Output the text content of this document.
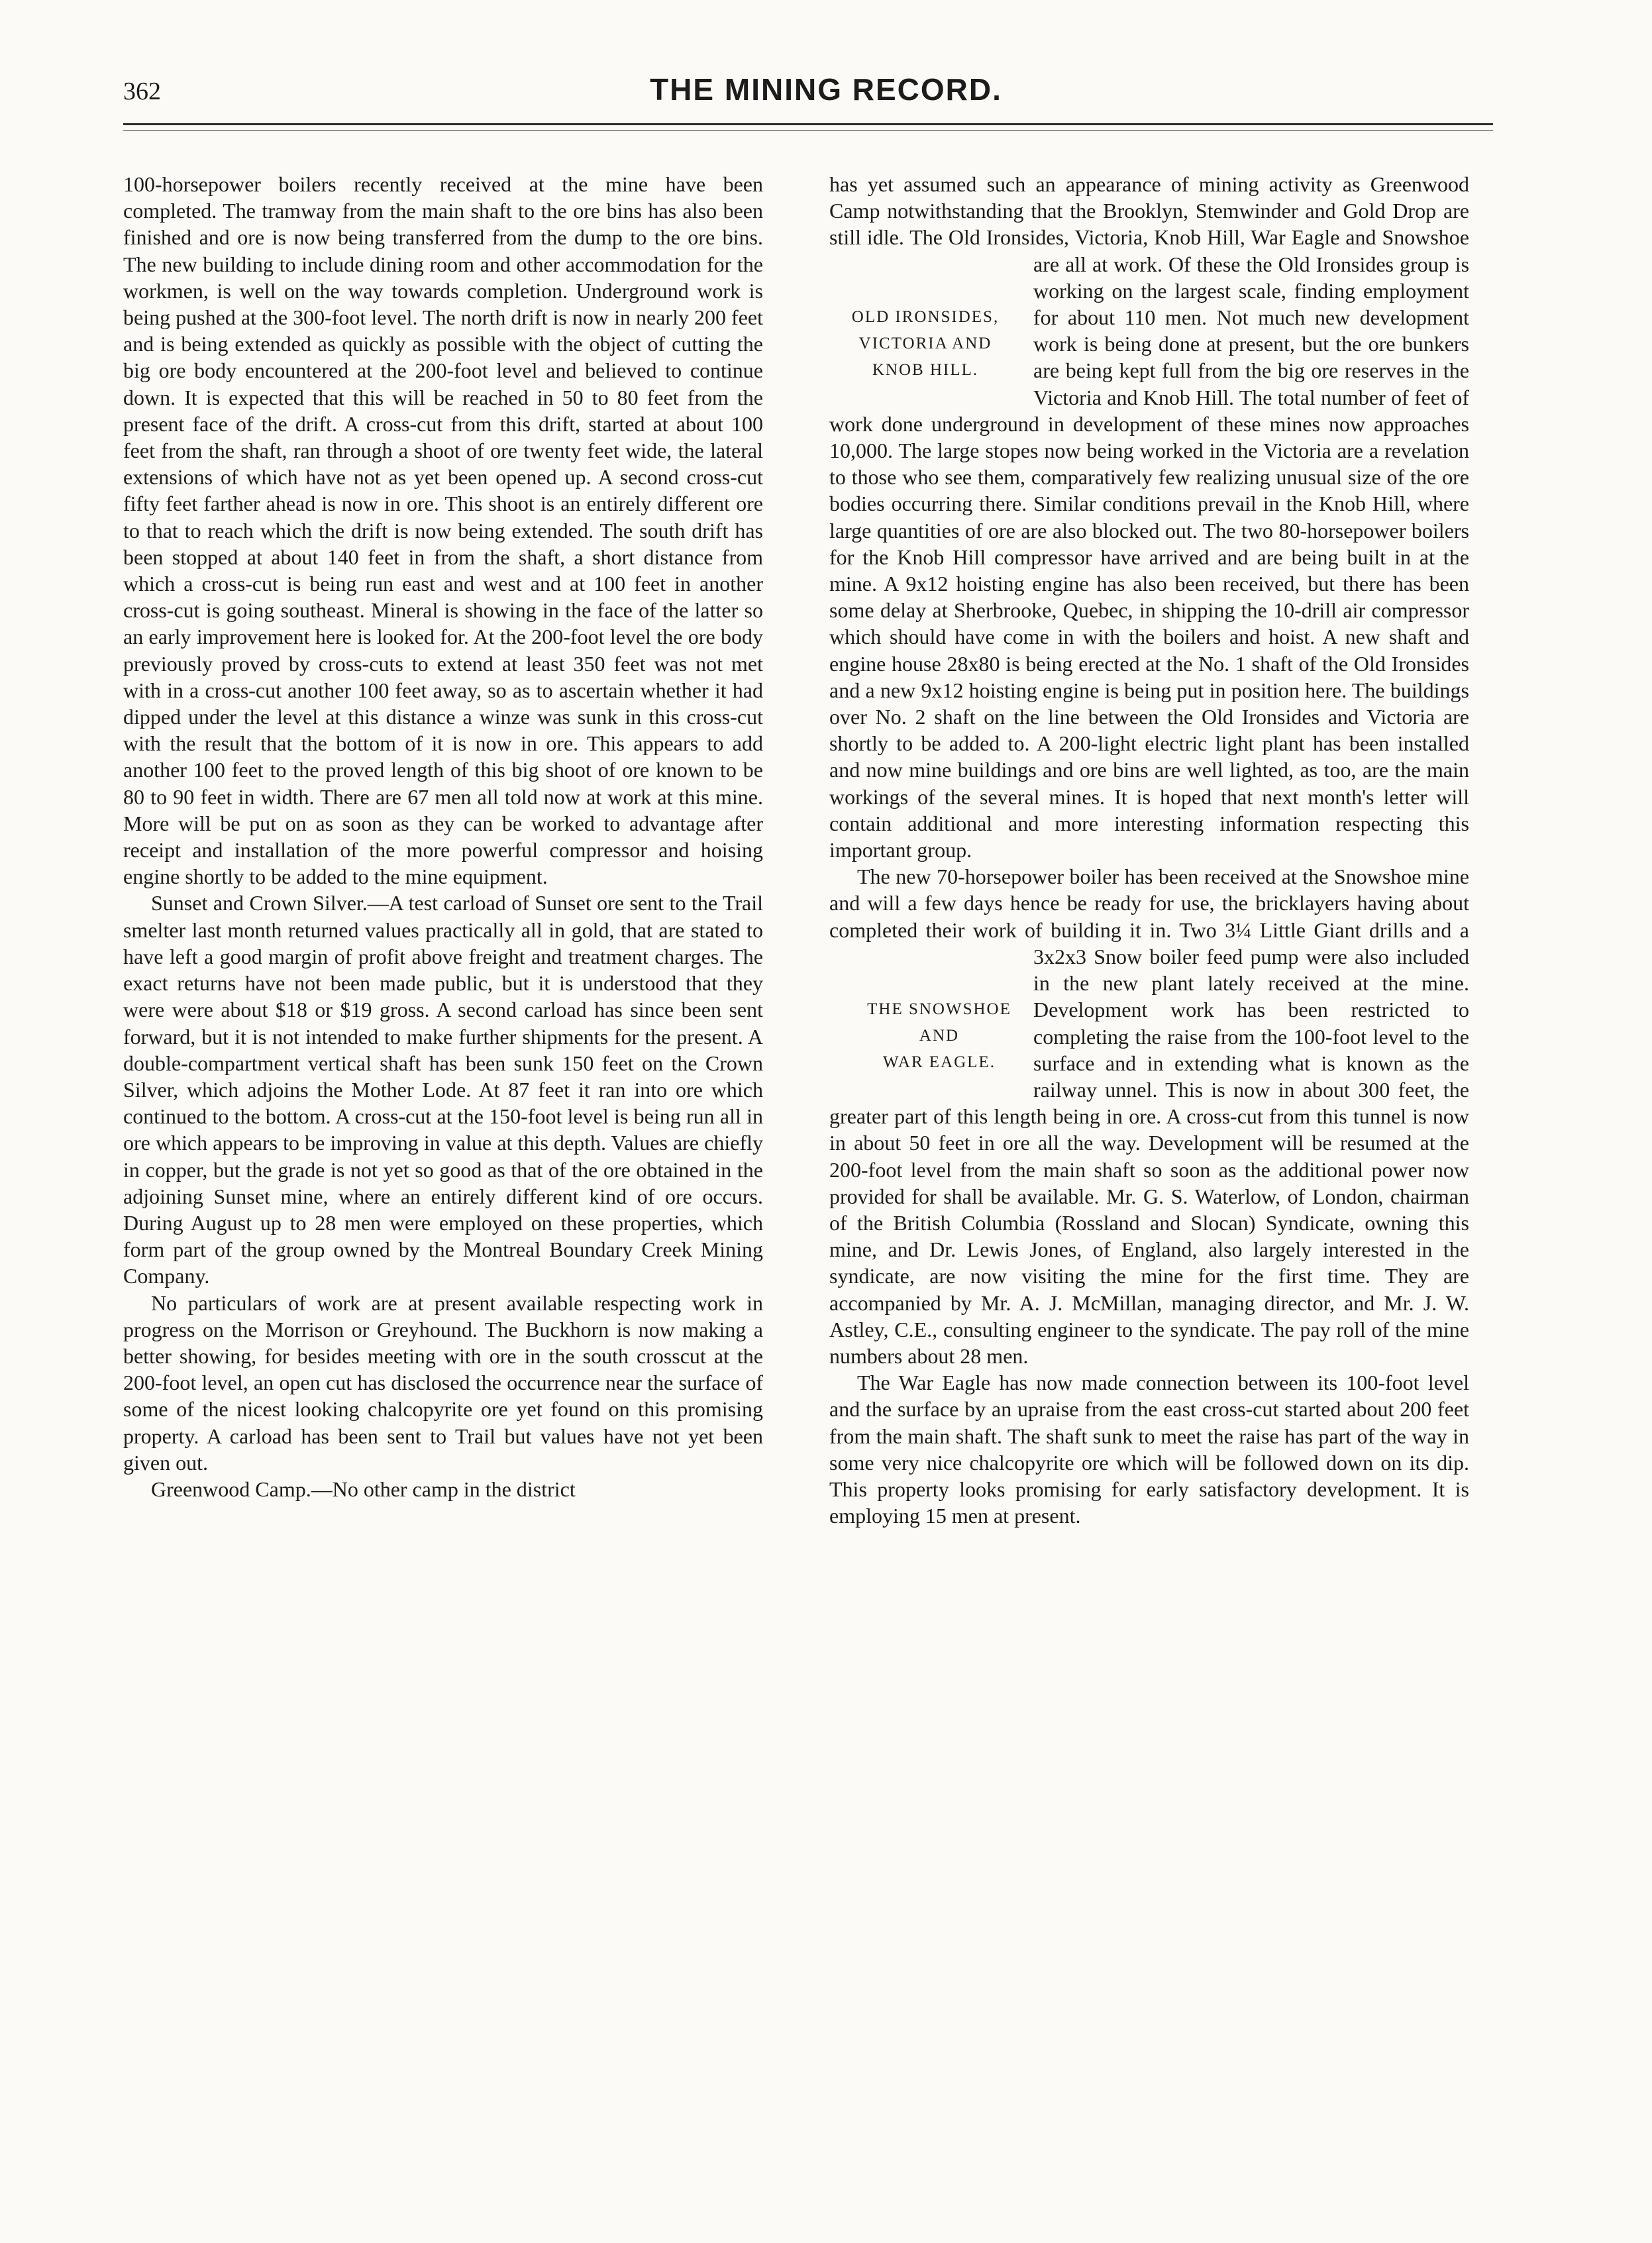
362	THE MINING RECORD.

100-horsepower boilers recently received at the mine have been completed. The tramway from the main shaft to the ore bins has also been finished and ore is now being transferred from the dump to the ore bins. The new building to include dining room and other accommodation for the workmen, is well on the way towards completion. Underground work is being pushed at the 300-foot level. The north drift is now in nearly 200 feet and is being extended as quickly as possible with the object of cutting the big ore body encountered at the 200-foot level and believed to continue down. It is expected that this will be reached in 50 to 80 feet from the present face of the drift. A cross-cut from this drift, started at about 100 feet from the shaft, ran through a shoot of ore twenty feet wide, the lateral extensions of which have not as yet been opened up. A second cross-cut fifty feet farther ahead is now in ore. This shoot is an entirely different ore to that to reach which the drift is now being extended. The south drift has been stopped at about 140 feet in from the shaft, a short distance from which a cross-cut is being run east and west and at 100 feet in another cross-cut is going southeast. Mineral is showing in the face of the latter so an early improvement here is looked for. At the 200-foot level the ore body previously proved by cross-cuts to extend at least 350 feet was not met with in a cross-cut another 100 feet away, so as to ascertain whether it had dipped under the level at this distance a winze was sunk in this cross-cut with the result that the bottom of it is now in ore. This appears to add another 100 feet to the proved length of this big shoot of ore known to be 80 to 90 feet in width. There are 67 men all told now at work at this mine. More will be put on as soon as they can be worked to advantage after receipt and installation of the more powerful compressor and hoising engine shortly to be added to the mine equipment.

Sunset and Crown Silver.—A test carload of Sunset ore sent to the Trail smelter last month returned values practically all in gold, that are stated to have left a good margin of profit above freight and treatment charges. The exact returns have not been made public, but it is understood that they were were about $18 or $19 gross. A second carload has since been sent forward, but it is not intended to make further shipments for the present. A double-compartment vertical shaft has been sunk 150 feet on the Crown Silver, which adjoins the Mother Lode. At 87 feet it ran into ore which continued to the bottom. A cross-cut at the 150-foot level is being run all in ore which appears to be improving in value at this depth. Values are chiefly in copper, but the grade is not yet so good as that of the ore obtained in the adjoining Sunset mine, where an entirely different kind of ore occurs. During August up to 28 men were employed on these properties, which form part of the group owned by the Montreal Boundary Creek Mining Company.

No particulars of work are at present available respecting work in progress on the Morrison or Greyhound. The Buckhorn is now making a better showing, for besides meeting with ore in the south crosscut at the 200-foot level, an open cut has disclosed the occurrence near the surface of some of the nicest looking chalcopyrite ore yet found on this promising property. A carload has been sent to Trail but values have not yet been given out.

Greenwood Camp.—No other camp in the district

has yet assumed such an appearance of mining activity as Greenwood Camp notwithstanding that the Brooklyn, Stemwinder and Gold Drop are still idle. The Old Ironsides, Victoria, Knob Hill, War Eagle and Snowshoe are all at work. Of these the Old
OLD IRONSIDES,
VICTORIA AND
KNOB HILL.
Ironsides group is working on the largest scale, finding employment for about 110 men. Not much new development work is being done at present, but the ore bunkers are being kept full from the big ore reserves in the Victoria and Knob Hill. The total number of feet of work done underground in development of these mines now approaches 10,000. The large stopes now being worked in the Victoria are a revelation to those who see them, comparatively few realizing unusual size of the ore bodies occurring there. Similar conditions prevail in the Knob Hill, where large quantities of ore are also blocked out. The two 80-horsepower boilers for the Knob Hill compressor have arrived and are being built in at the mine. A 9x12 hoisting engine has also been received, but there has been some delay at Sherbrooke, Quebec, in shipping the 10-drill air compressor which should have come in with the boilers and hoist. A new shaft and engine house 28x80 is being erected at the No. 1 shaft of the Old Ironsides and a new 9x12 hoisting engine is being put in position here. The buildings over No. 2 shaft on the line between the Old Ironsides and Victoria are shortly to be added to. A 200-light electric light plant has been installed and now mine buildings and ore bins are well lighted, as too, are the main workings of the several mines. It is hoped that next month's letter will contain additional and more interesting information respecting this important group.

The new 70-horsepower boiler has been received at the Snowshoe mine and will a few days hence be ready for use, the bricklayers having about completed their work of building it in. Two 3¼ Little Giant drills and a 3x2x3 Snow boiler feed pump were also
THE SNOWSHOE
AND
WAR EAGLE.
included in the new plant lately received at the mine. Development work has been restricted to completing the raise from the 100-foot level to the surface and in extending what is known as the railway unnel. This is now in about 300 feet, the greater part of this length being in ore. A cross-cut from this tunnel is now in about 50 feet in ore all the way. Development will be resumed at the 200-foot level from the main shaft so soon as the additional power now provided for shall be available. Mr. G. S. Waterlow, of London, chairman of the British Columbia (Rossland and Slocan) Syndicate, owning this mine, and Dr. Lewis Jones, of England, also largely interested in the syndicate, are now visiting the mine for the first time. They are accompanied by Mr. A. J. McMillan, managing director, and Mr. J. W. Astley, C.E., consulting engineer to the syndicate. The pay roll of the mine numbers about 28 men.

The War Eagle has now made connection between its 100-foot level and the surface by an upraise from the east cross-cut started about 200 feet from the main shaft. The shaft sunk to meet the raise has part of the way in some very nice chalcopyrite ore which will be followed down on its dip. This property looks promising for early satisfactory development. It is employing 15 men at present.
